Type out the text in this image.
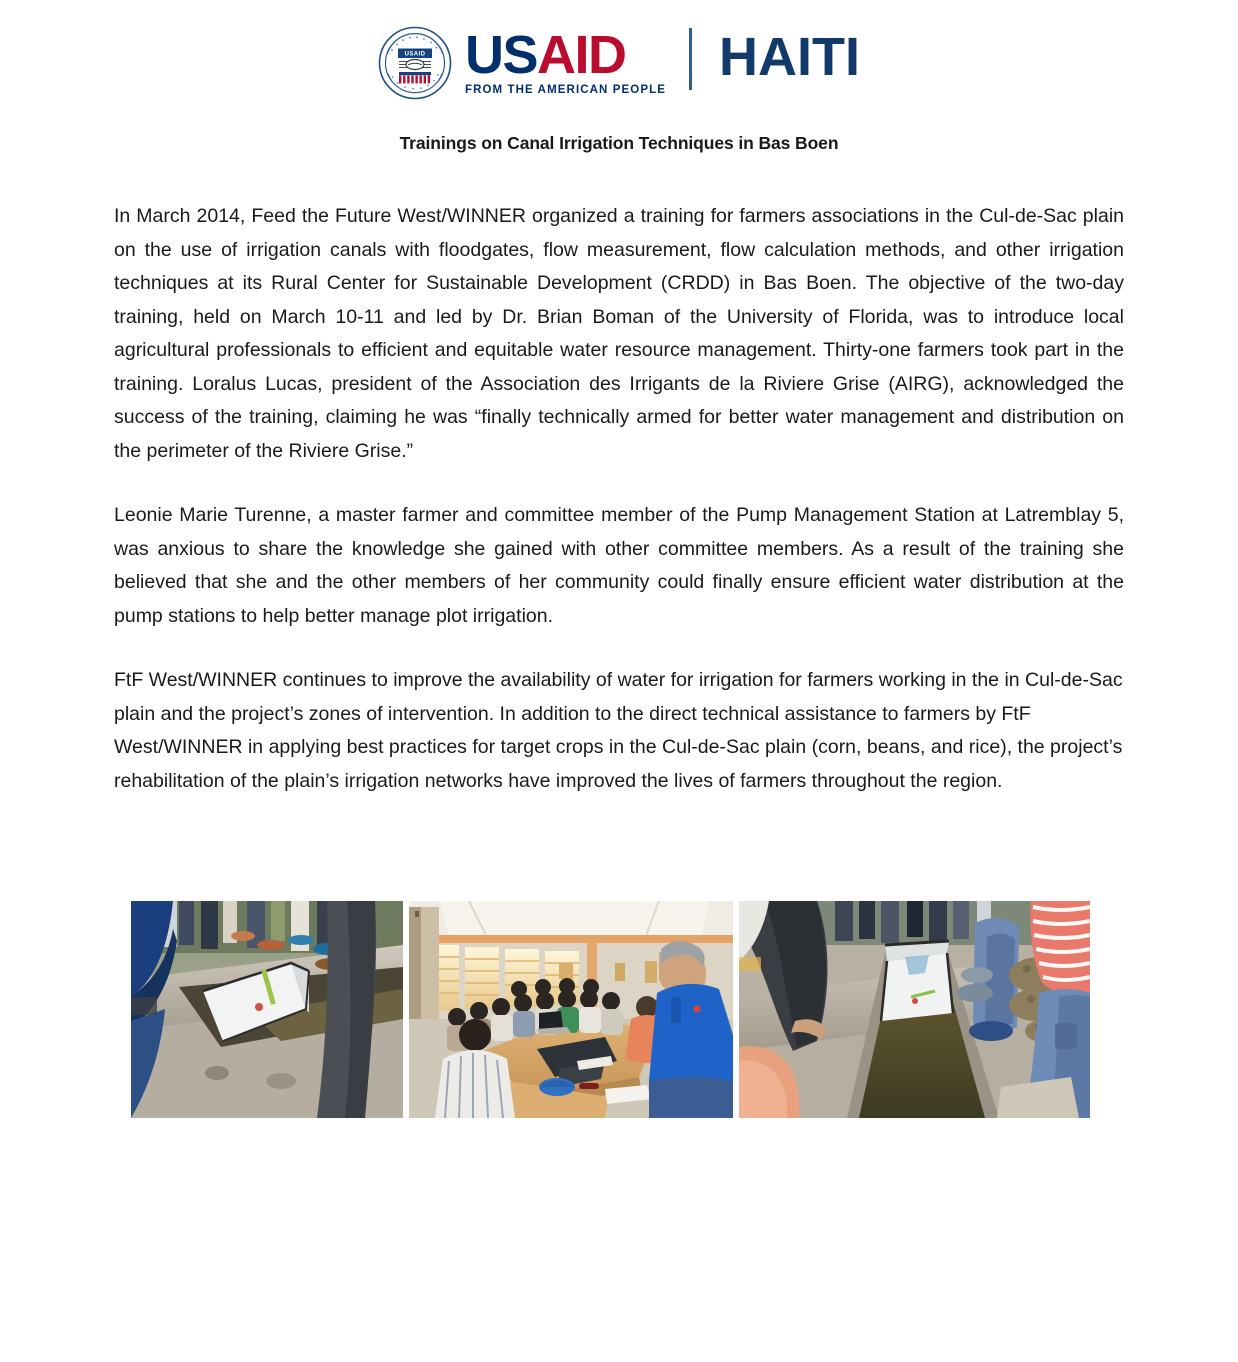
USAID USAID
FROM THE AMERICAN PEOPLE
HAITI
Trainings on Canal Irrigation Techniques in Bas Boen

In March 2014, Feed the Future West/WINNER organized a training for farmers associations in the Cul-de-Sac plain on the use of irrigation canals with floodgates, flow measurement, flow calculation methods, and other irrigation techniques at its Rural Center for Sustainable Development (CRDD) in Bas Boen. The objective of the two-day training, held on March 10-11 and led by Dr. Brian Boman of the University of Florida, was to introduce local agricultural professionals to efficient and equitable water resource management. Thirty-one farmers took part in the training. Loralus Lucas, president of the Association des Irrigants de la Riviere Grise (AIRG), acknowledged the success of the training, claiming he was “finally technically armed for better water management and distribution on the perimeter of the Riviere Grise.”

Leonie Marie Turenne, a master farmer and committee member of the Pump Management Station at Latremblay 5, was anxious to share the knowledge she gained with other committee members. As a result of the training she believed that she and the other members of her community could finally ensure efficient water distribution at the pump stations to help better manage plot irrigation.

FtF West/WINNER continues to improve the availability of water for irrigation for farmers working in the in Cul-de-Sac plain and the project’s zones of intervention. In addition to the direct technical assistance to farmers by FtF West/WINNER in applying best practices for target crops in the Cul-de-Sac plain (corn, beans, and rice), the project’s rehabilitation of the plain’s irrigation networks have improved the lives of farmers throughout the region.
